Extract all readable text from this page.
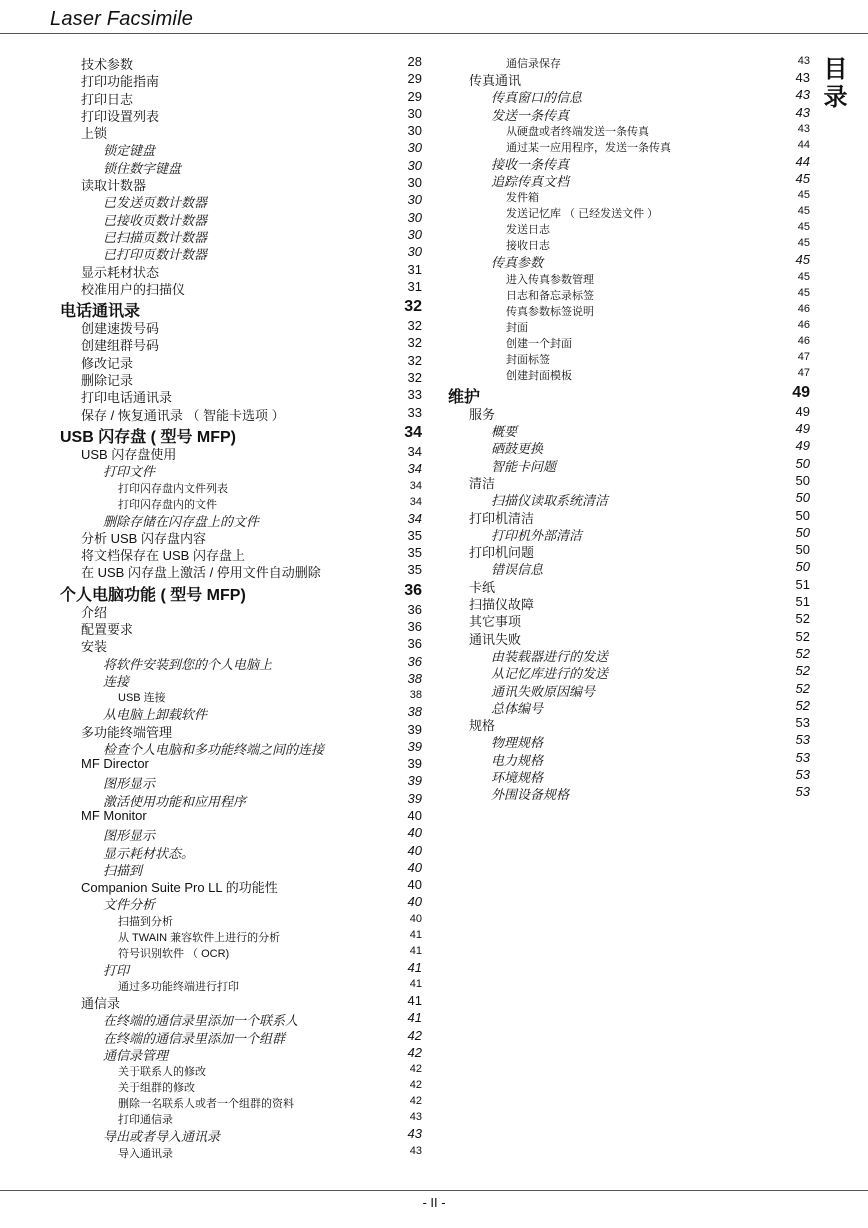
Laser Facsimile
目录
技术参数	28
打印功能指南	29
打印日志	29
打印设置列表	30
上锁	30
锁定键盘	30
锁住数字键盘	30
读取计数器	30
已发送页数计数器	30
已接收页数计数器	30
已扫描页数计数器	30
已打印页数计数器	30
显示耗材状态	31
校准用户的扫描仪	31
电话通讯录	32
创建速拨号码	32
创建组群号码	32
修改记录	32
删除记录	32
打印电话通讯录	33
保存 / 恢复通讯录 （ 智能卡选项 ）	33
USB 闪存盘 ( 型号 MFP)	34
USB 闪存盘使用	34
打印文件	34
打印闪存盘内文件列表	34
打印闪存盘内的文件	34
删除存储在闪存盘上的文件	34
分析 USB 闪存盘内容	35
将文档保存在 USB 闪存盘上	35
在 USB 闪存盘上激活 / 停用文件自动删除	35
个人电脑功能 ( 型号 MFP)	36
介绍	36
配置要求	36
安装	36
将软件安装到您的个人电脑上	36
连接	38
USB 连接	38
从电脑上卸载软件	38
多功能终端管理	39
检查个人电脑和多功能终端之间的连接	39
MF Director	39
图形显示	39
激活使用功能和应用程序	39
MF Monitor	40
图形显示	40
显示耗材状态。	40
扫描到	40
Companion Suite Pro LL 的功能性	40
文件分析	40
扫描到分析	40
从 TWAIN 兼容软件上进行的分析	41
符号识别软件 （ OCR)	41
打印	41
通过多功能终端进行打印	41
通信录	41
在终端的通信录里添加一个联系人	41
在终端的通信录里添加一个组群	42
通信录管理	42
关于联系人的修改	42
关于组群的修改	42
删除一名联系人或者一个组群的资料	42
打印通信录	43
导出或者导入通讯录	43
导入通讯录	43
通信录保存	43
传真通讯	43
传真窗口的信息	43
发送一条传真	43
从硬盘或者终端发送一条传真	43
通过某一应用程序，发送一条传真	44
接收一条传真	44
追踪传真文档	45
发件箱	45
发送记忆库 （ 已经发送文件 ）	45
发送日志	45
接收日志	45
传真参数	45
进入传真参数管理	45
日志和备忘录标签	45
传真参数标签说明	46
封面	46
创建一个封面	46
封面标签	47
创建封面模板	47
维护	49
服务	49
概要	49
硒鼓更换	49
智能卡问题	50
清洁	50
扫描仪读取系统清洁	50
打印机清洁	50
打印机外部清洁	50
打印机问题	50
错误信息	50
卡纸	51
扫描仪故障	51
其它事项	52
通讯失败	52
由装载器进行的发送	52
从记忆库进行的发送	52
通讯失败原因编号	52
总体编号	52
规格	53
物理规格	53
电力规格	53
环境规格	53
外围设备规格	53
- II -
